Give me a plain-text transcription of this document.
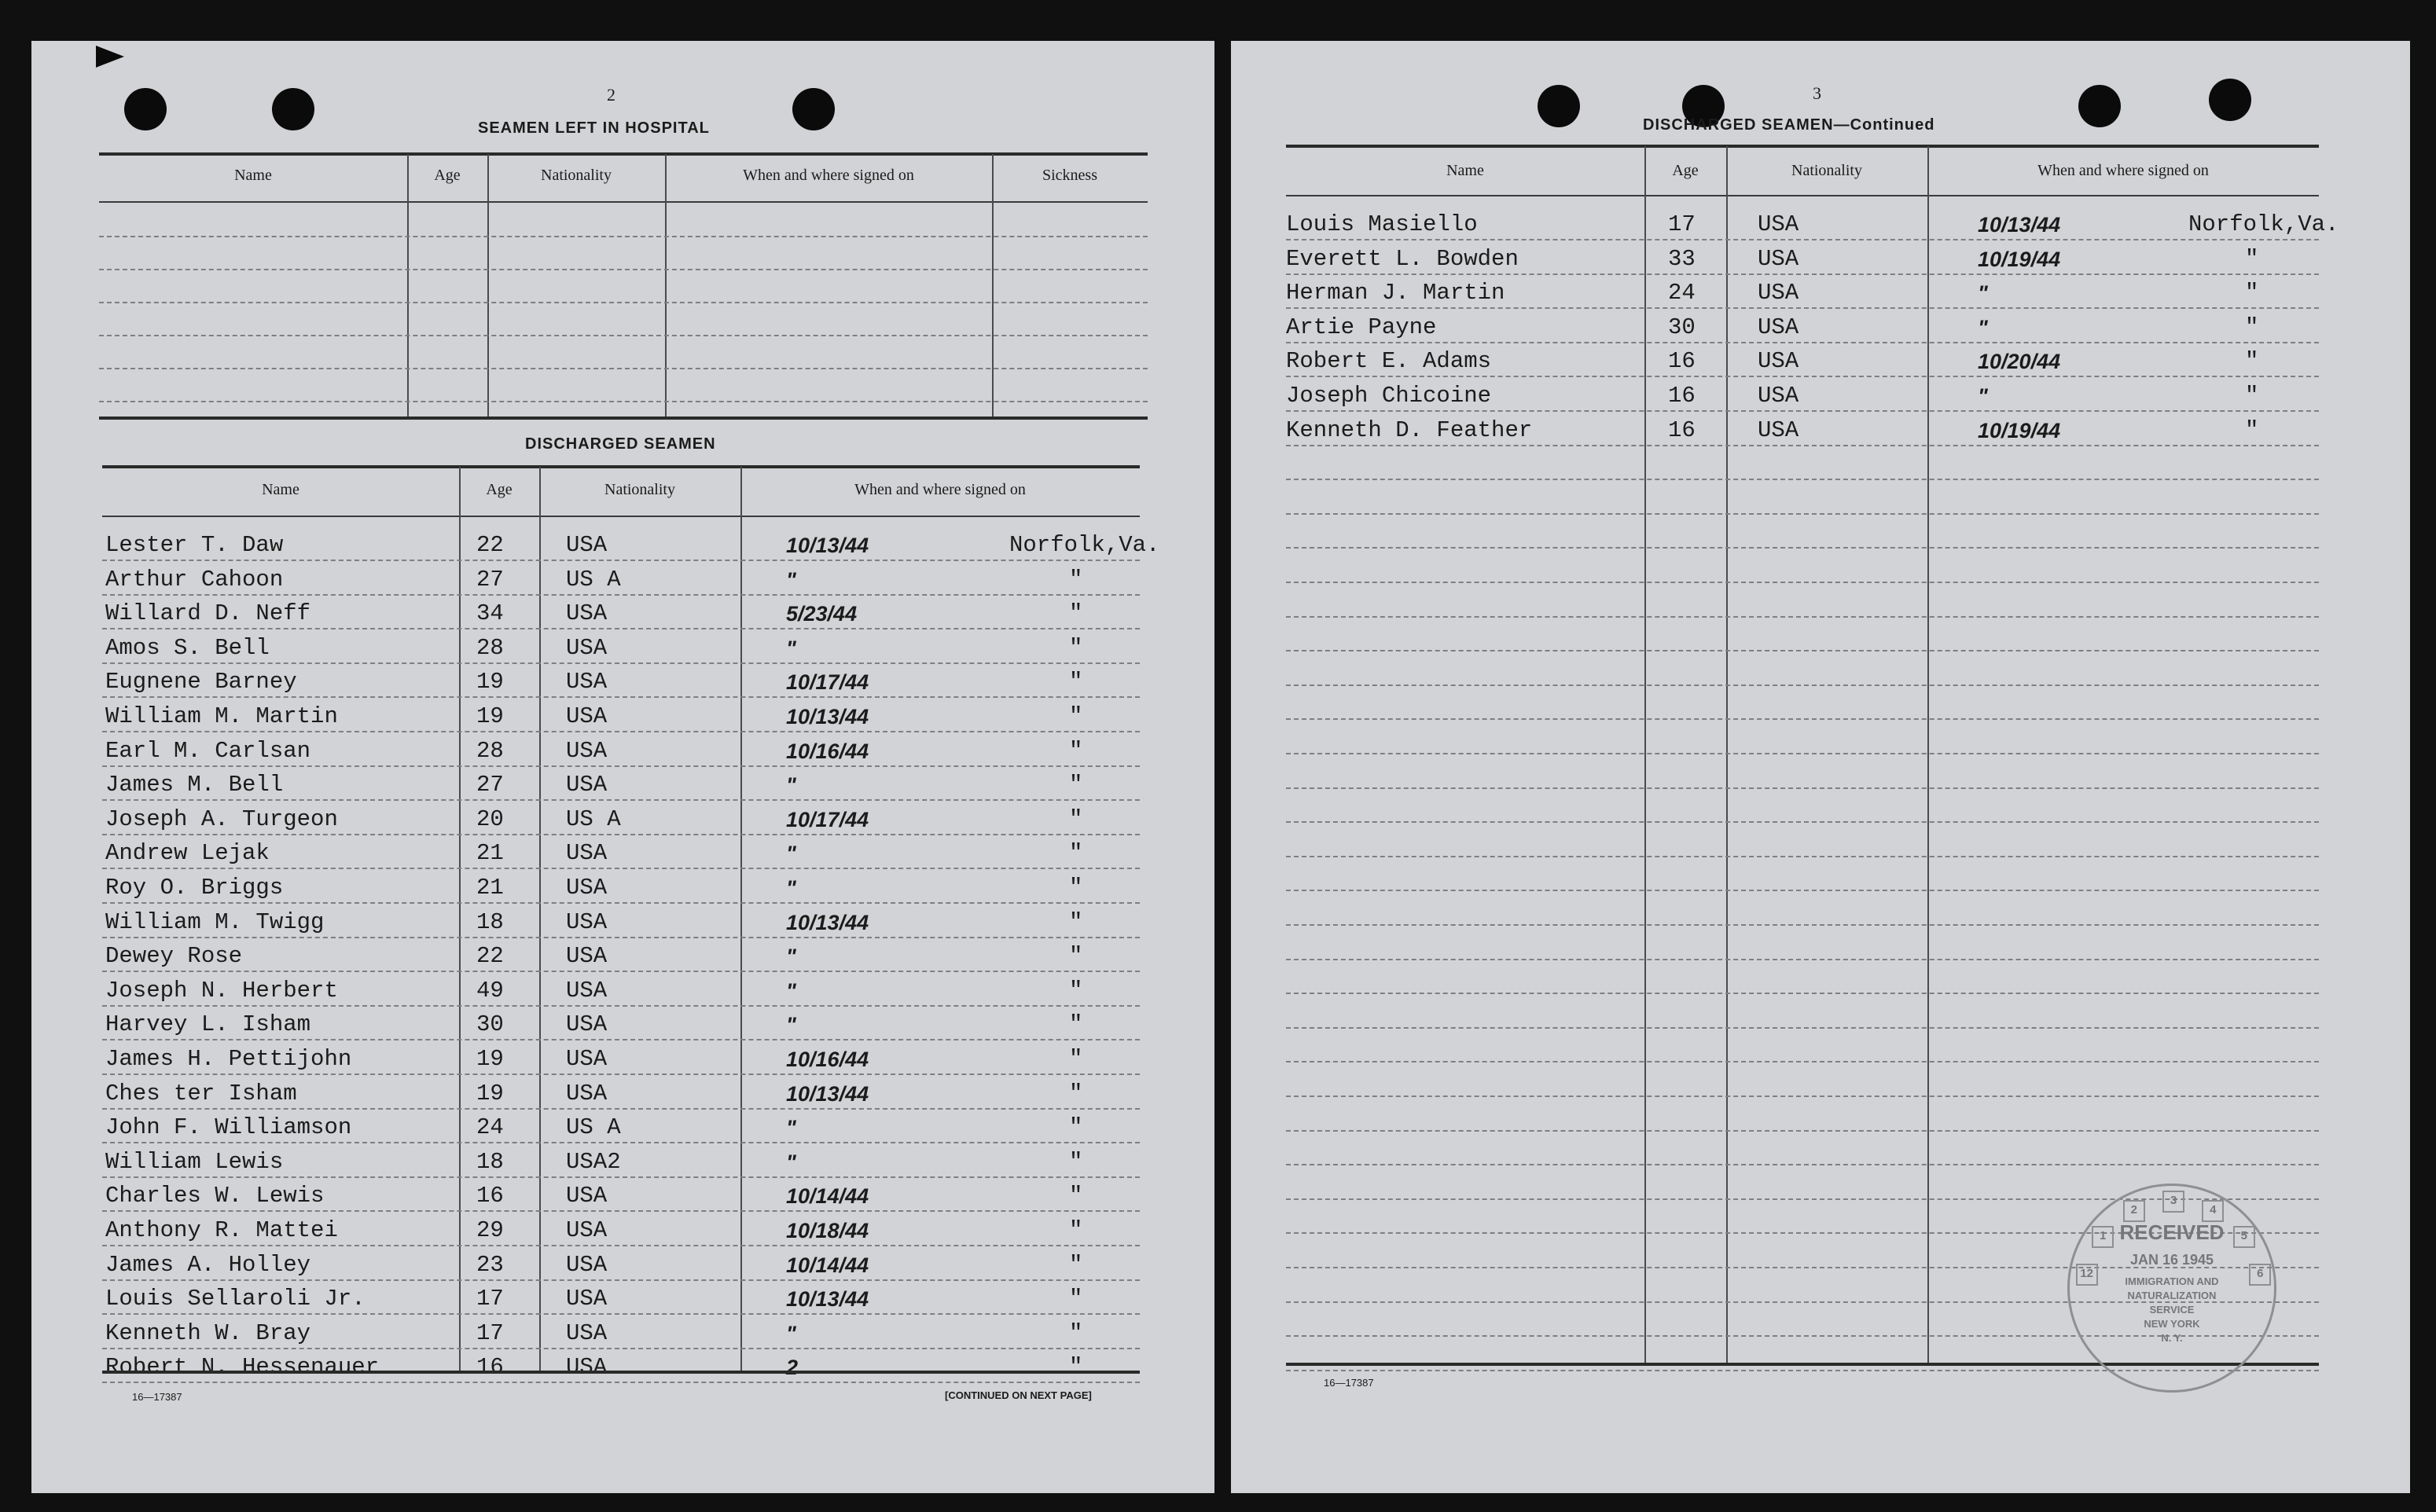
2
SEAMEN LEFT IN HOSPITAL
Name	Age	Nationality	When and where signed on	Sickness
DISCHARGED SEAMEN
Name	Age	Nationality	When and where signed on
Lester T. Daw	22	USA	10/13/44	Norfolk,Va.
Arthur Cahoon	27	US A	"	"
Willard D. Neff	34	USA	5/23/44	"
Amos S. Bell	28	USA	"	"
Eugnene Barney	19	USA	10/17/44	"
William M. Martin	19	USA	10/13/44	"
Earl M. Carlsan	28	USA	10/16/44	"
James M. Bell	27	USA	"	"
Joseph A. Turgeon	20	US A	10/17/44	"
Andrew Lejak	21	USA	"	"
Roy O. Briggs	21	USA	"	"
William M. Twigg	18	USA	10/13/44	"
Dewey Rose	22	USA	"	"
Joseph N. Herbert	49	USA	"	"
Harvey L. Isham	30	USA	"	"
James H. Pettijohn	19	USA	10/16/44	"
Ches ter Isham	19	USA	10/13/44	"
John F. Williamson	24	US A	"	"
William Lewis	18	USA2	"	"
Charles W. Lewis	16	USA	10/14/44	"
Anthony R. Mattei	29	USA	10/18/44	"
James A. Holley	23	USA	10/14/44	"
Louis Sellaroli Jr.	17	USA	10/13/44	"
Kenneth W. Bray	17	USA	"	"
Robert N. Hessenauer	16	USA	2	"
16—17387	[CONTINUED ON NEXT PAGE]
3
DISCHARGED SEAMEN—Continued
Name	Age	Nationality	When and where signed on
Louis Masiello	17	USA	10/13/44	Norfolk,Va.
Everett L. Bowden	33	USA	10/19/44	"
Herman J. Martin	24	USA	"	"
Artie Payne	30	USA	"	"
Robert E. Adams	16	USA	10/20/44	"
Joseph Chicoine	16	USA	"	"
Kenneth D. Feather	16	USA	10/19/44	"
16—17387
RECEIVED
JAN 16 1945
IMMIGRATION AND
NATURALIZATION
SERVICE
NEW YORK
N. Y.
12
1
2
3
4
5
6
